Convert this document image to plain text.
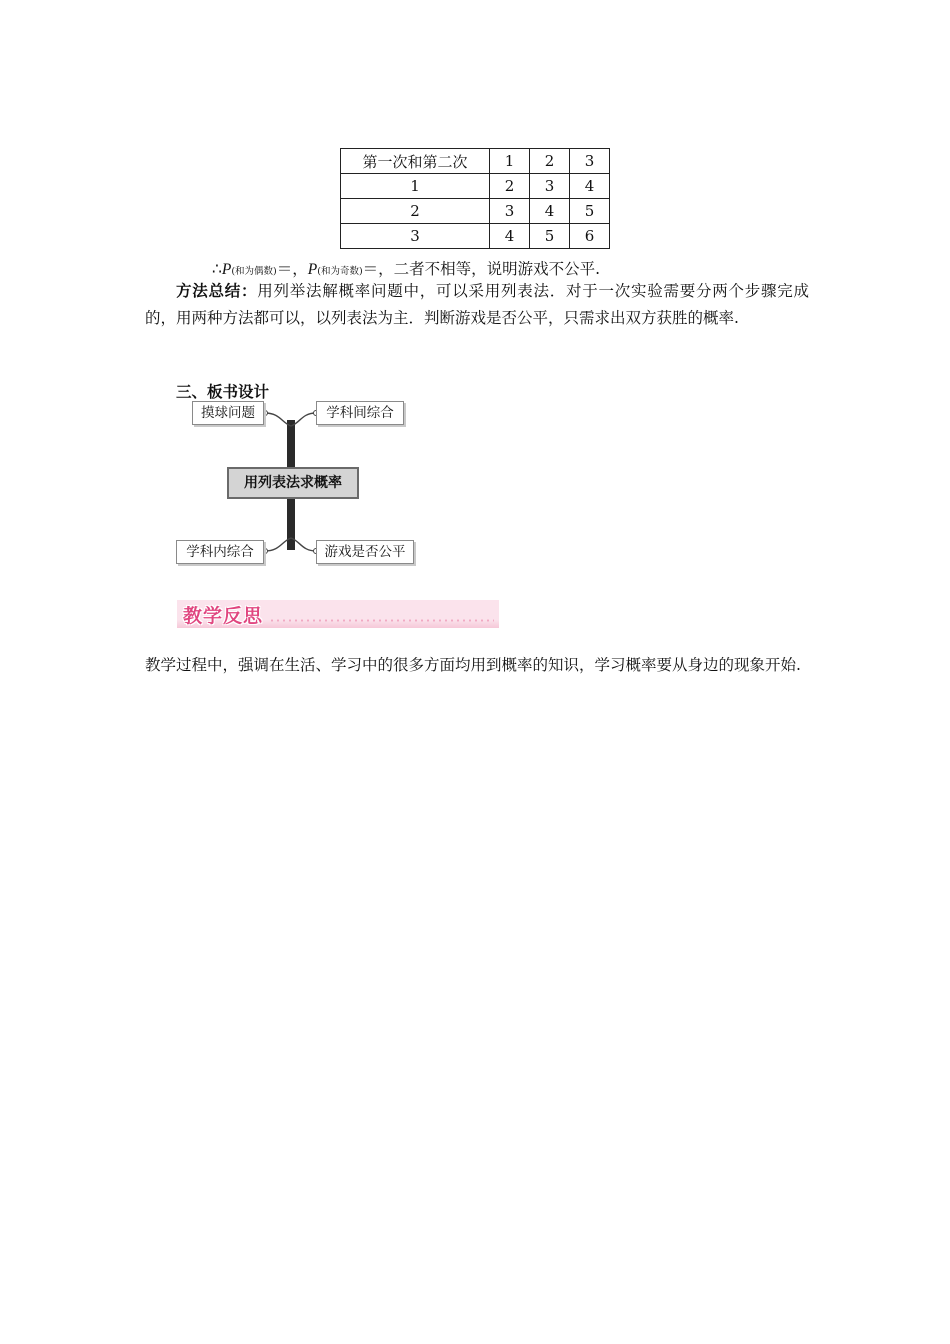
第一次和第二次	1	2	3
1	2	3	4
2	3	4	5
3	4	5	6
∴P(和为偶数)＝，P(和为奇数)＝，二者不相等，说明游戏不公平.
方法总结：用列举法解概率问题中，可以采用列表法．对于一次实验需要分两个步骤完成的，用两种方法都可以，以列表法为主．判断游戏是否公平，只需求出双方获胜的概率.
三、板书设计
摸球问题	学科间综合
用列表法求概率
学科内综合	游戏是否公平
教学反思
教学过程中，强调在生活、学习中的很多方面均用到概率的知识，学习概率要从身边的现象开始.
